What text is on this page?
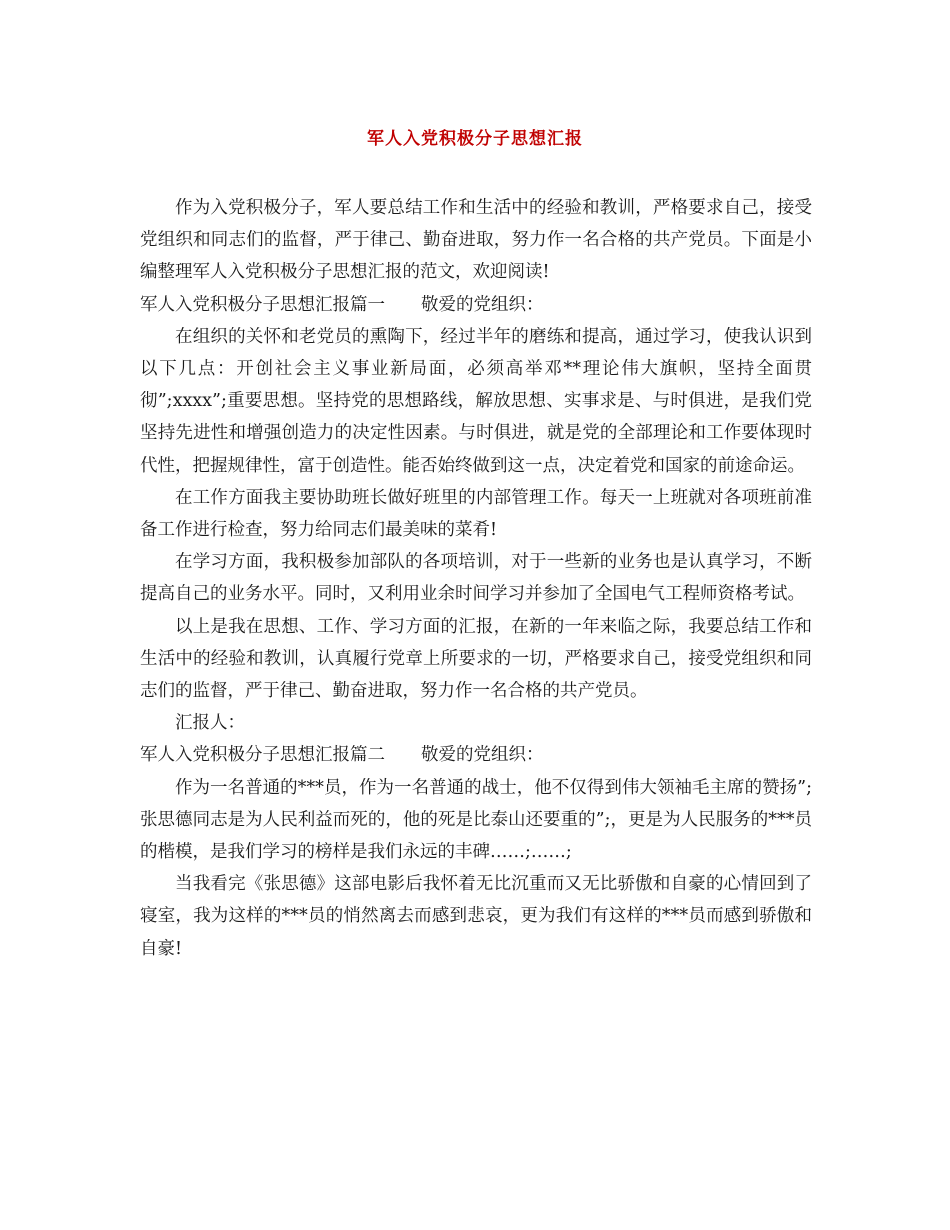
军人入党积极分子思想汇报

作为入党积极分子，军人要总结工作和生活中的经验和教训，严格要求自己，接受党组织和同志们的监督，严于律己、勤奋进取，努力作一名合格的共产党员。下面是小编整理军人入党积极分子思想汇报的范文，欢迎阅读!

军人入党积极分子思想汇报篇一 敬爱的党组织：

在组织的关怀和老党员的熏陶下，经过半年的磨练和提高，通过学习，使我认识到以下几点：开创社会主义事业新局面，必须高举邓**理论伟大旗帜，坚持全面贯彻”;xxxx”;重要思想。坚持党的思想路线，解放思想、实事求是、与时俱进，是我们党坚持先进性和增强创造力的决定性因素。与时俱进，就是党的全部理论和工作要体现时代性，把握规律性，富于创造性。能否始终做到这一点，决定着党和国家的前途命运。

在工作方面我主要协助班长做好班里的内部管理工作。每天一上班就对各项班前准备工作进行检查，努力给同志们最美味的菜肴!

在学习方面，我积极参加部队的各项培训，对于一些新的业务也是认真学习，不断提高自己的业务水平。同时，又利用业余时间学习并参加了全国电气工程师资格考试。

以上是我在思想、工作、学习方面的汇报，在新的一年来临之际，我要总结工作和生活中的经验和教训，认真履行党章上所要求的一切，严格要求自己，接受党组织和同志们的监督，严于律己、勤奋进取，努力作一名合格的共产党员。

汇报人：

军人入党积极分子思想汇报篇二 敬爱的党组织：

作为一名普通的***员，作为一名普通的战士，他不仅得到伟大领袖毛主席的赞扬”;张思德同志是为人民利益而死的，他的死是比泰山还要重的”;，更是为人民服务的***员的楷模，是我们学习的榜样是我们永远的丰碑……;……;

当我看完《张思德》这部电影后我怀着无比沉重而又无比骄傲和自豪的心情回到了寝室，我为这样的***员的悄然离去而感到悲哀，更为我们有这样的***员而感到骄傲和自豪!
